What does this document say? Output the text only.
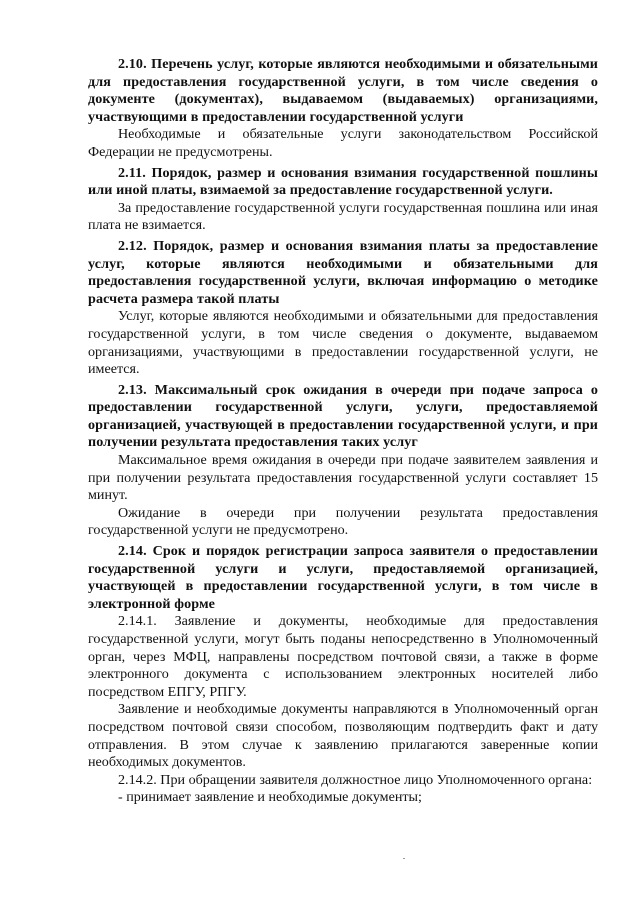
2.10. Перечень услуг, которые являются необходимыми и обязательными для предоставления государственной услуги, в том числе сведения о документе (документах), выдаваемом (выдаваемых) организациями, участвующими в предоставлении государственной услуги

Необходимые и обязательные услуги законодательством Российской Федерации не предусмотрены.

2.11. Порядок, размер и основания взимания государственной пошлины или иной платы, взимаемой за предоставление государственной услуги.

За предоставление государственной услуги государственная пошлина или иная плата не взимается.

2.12. Порядок, размер и основания взимания платы за предоставление услуг, которые являются необходимыми и обязательными для предоставления государственной услуги, включая информацию о методике расчета размера такой платы

Услуг, которые являются необходимыми и обязательными для предоставления государственной услуги, в том числе сведения о документе, выдаваемом организациями, участвующими в предоставлении государственной услуги, не имеется.

2.13. Максимальный срок ожидания в очереди при подаче запроса о предоставлении государственной услуги, услуги, предоставляемой организацией, участвующей в предоставлении государственной услуги, и при получении результата предоставления таких услуг

Максимальное время ожидания в очереди при подаче заявителем заявления и при получении результата предоставления государственной услуги составляет 15 минут.

Ожидание в очереди при получении результата предоставления государственной услуги не предусмотрено.

2.14. Срок и порядок регистрации запроса заявителя о предоставлении государственной услуги и услуги, предоставляемой организацией, участвующей в предоставлении государственной услуги, в том числе в электронной форме

2.14.1. Заявление и документы, необходимые для предоставления государственной услуги, могут быть поданы непосредственно в Уполномоченный орган, через МФЦ, направлены посредством почтовой связи, а также в форме электронного документа с использованием электронных носителей либо посредством ЕПГУ, РПГУ.

Заявление и необходимые документы направляются в Уполномоченный орган посредством почтовой связи способом, позволяющим подтвердить факт и дату отправления. В этом случае к заявлению прилагаются заверенные копии необходимых документов.

2.14.2. При обращении заявителя должностное лицо Уполномоченного органа:

- принимает заявление и необходимые документы;
